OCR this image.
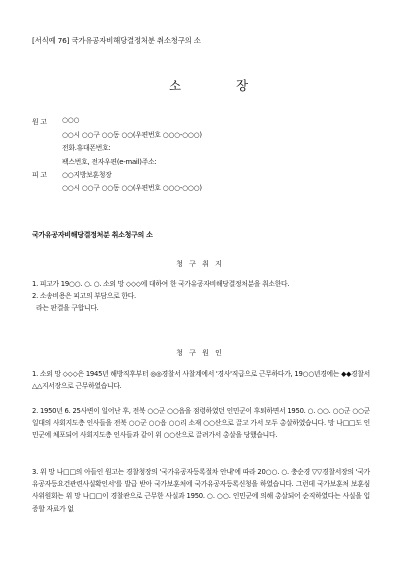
[서식예 76] 국가유공자비해당결정처분 취소청구의 소
소	장
원 고 ○○○
○○시 ○○구 ○○동 ○○(우편번호 ○○○-○○○)
전화.휴대폰번호:
팩스번호, 전자우편(e-mail)주소:
피 고 ○○지방보훈청장
○○시 ○○구 ○○동 ○○(우편번호 ○○○-○○○)
국가유공자비해당결정처분 취소청구의 소
청 구 취 지

1. 피고가 19○○. ○. ○. 소외 망 ◇◇◇에 대하여 한 국가유공자비해당결정처분을 취소한다.

2. 소송비용은 피고의 부담으로 한다.

라는 판결을 구합니다.

청 구 원 인
1. 소외 망 ◇◇◇은 1945년 해방직후부터 ◎◎경찰서 사찰계에서 '경사'직급으로 근무하다가, 19○○년경에는 ◆◆경찰서 △△지서장으로 근무하였습니다.
2. 1950년 6. 25사변이 일어난 후, 전북 ○○군 ○○읍을 점령하였던 인민군이 후퇴하면서 1950. ○. ○○. ○○군 ○○군 일대의 사회지도층 인사들을 전북 ○○군 ○○읍 ○○리 소재 ○○산으로 끌고 가서 모두 총살하였습니다. 망 나□□도 인민군에 체포되어 사회지도층 인사들과 같이 위 ○○산으로 끌려가서 총살을 당했습니다.
3. 위 망 나□□의 아들인 원고는 경찰청장의 '국가유공자등록절차 안내'에 따라 20○○. ○. 충순경 ▽▽경찰서장의 '국가유공자등요건관련사실확인서'를 발급 받아 국가보훈처에 국가유공자등록신청을 하였습니다. 그런데 국가보훈처 보훈심사위원회는 위 망 나□□이 경찰관으로 근무한 사실과 1950. ○. ○○. 인민군에 의해 총살되어 순직하였다는 사실을 입증할 자료가 없
